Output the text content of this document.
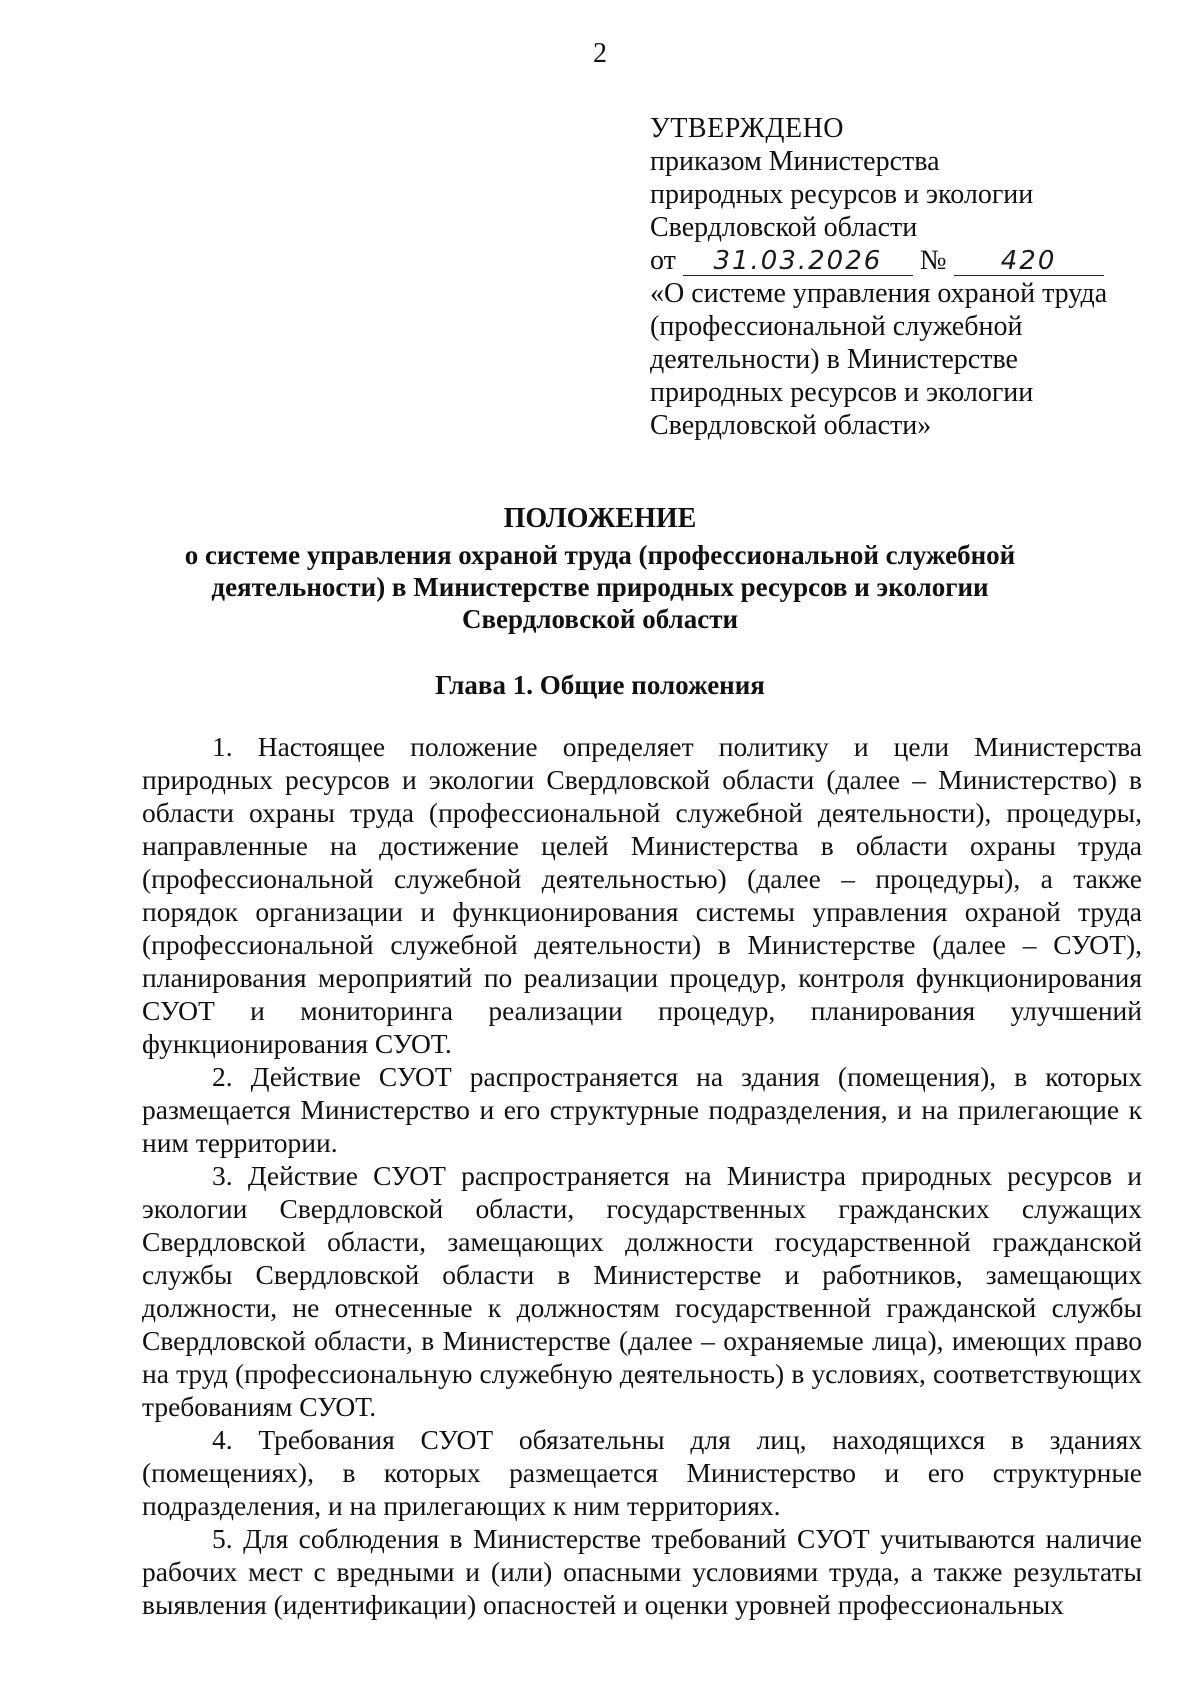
2
УТВЕРЖДЕНО
приказом Министерства
природных ресурсов и экологии
Свердловской области
от 31.03.2026 № 420
«О системе управления охраной труда
(профессиональной служебной
деятельности) в Министерстве
природных ресурсов и экологии
Свердловской области»
ПОЛОЖЕНИЕ
о системе управления охраной труда (профессиональной служебной
деятельности) в Министерстве природных ресурсов и экологии
Свердловской области
Глава 1. Общие положения

1. Настоящее положение определяет политику и цели Министерства природных ресурсов и экологии Свердловской области (далее – Министерство) в области охраны труда (профессиональной служебной деятельности), процедуры, направленные на достижение целей Министерства в области охраны труда (профессиональной служебной деятельностью) (далее – процедуры), а также порядок организации и функционирования системы управления охраной труда (профессиональной служебной деятельности) в Министерстве (далее – СУОТ), планирования мероприятий по реализации процедур, контроля функционирования СУОТ и мониторинга реализации процедур, планирования улучшений функционирования СУОТ.

2. Действие СУОТ распространяется на здания (помещения), в которых размещается Министерство и его структурные подразделения, и на прилегающие к ним территории.

3. Действие СУОТ распространяется на Министра природных ресурсов и экологии Свердловской области, государственных гражданских служащих Свердловской области, замещающих должности государственной гражданской службы Свердловской области в Министерстве и работников, замещающих должности, не отнесенные к должностям государственной гражданской службы Свердловской области, в Министерстве (далее – охраняемые лица), имеющих право на труд (профессиональную служебную деятельность) в условиях, соответствующих требованиям СУОТ.

4. Требования СУОТ обязательны для лиц, находящихся в зданиях (помещениях), в которых размещается Министерство и его структурные подразделения, и на прилегающих к ним территориях.

5. Для соблюдения в Министерстве требований СУОТ учитываются наличие рабочих мест с вредными и (или) опасными условиями труда, а также результаты выявления (идентификации) опасностей и оценки уровней профессиональных
